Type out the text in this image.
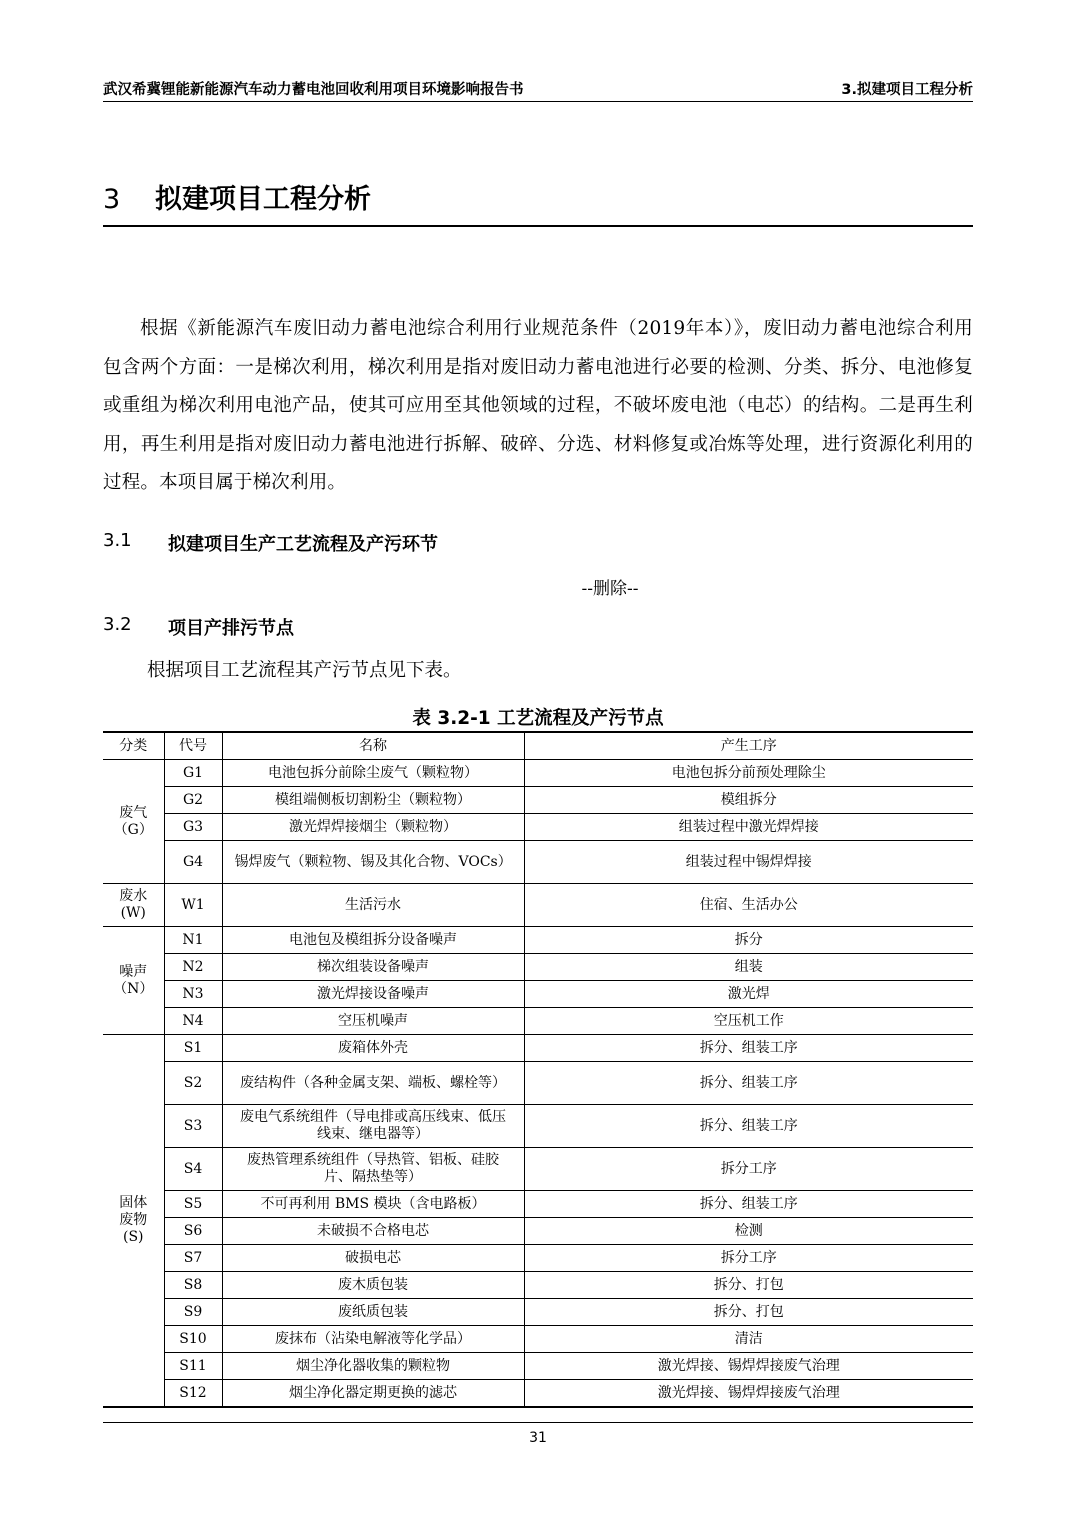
武汉希冀锂能新能源汽车动力蓄电池回收利用项目环境影响报告书	3.拟建项目工程分析
3 拟建项目工程分析
根据《新能源汽车废旧动力蓄电池综合利用行业规范条件（2019年本）》，废旧动力蓄电池综合利用包含两个方面：一是梯次利用，梯次利用是指对废旧动力蓄电池进行必要的检测、分类、拆分、电池修复或重组为梯次利用电池产品，使其可应用至其他领域的过程，不破坏废电池（电芯）的结构。二是再生利用，再生利用是指对废旧动力蓄电池进行拆解、破碎、分选、材料修复或冶炼等处理，进行资源化利用的过程。本项目属于梯次利用。
3.1	拟建项目生产工艺流程及产污环节
--删除--
3.2	项目产排污节点
根据项目工艺流程其产污节点见下表。
表 3.2-1 工艺流程及产污节点
分类	代号	名称	产生工序
废气（G）	G1	电池包拆分前除尘废气（颗粒物）	电池包拆分前预处理除尘
	G2	模组端侧板切割粉尘（颗粒物）	模组拆分
	G3	激光焊焊接烟尘（颗粒物）	组装过程中激光焊焊接
	G4	锡焊废气（颗粒物、锡及其化合物、VOCs）	组装过程中锡焊焊接
废水(W)	W1	生活污水	住宿、生活办公
噪声（N）	N1	电池包及模组拆分设备噪声	拆分
	N2	梯次组装设备噪声	组装
	N3	激光焊接设备噪声	激光焊
	N4	空压机噪声	空压机工作
固体废物(S)	S1	废箱体外壳	拆分、组装工序
	S2	废结构件（各种金属支架、端板、螺栓等）	拆分、组装工序
	S3	废电气系统组件（导电排或高压线束、低压线束、继电器等）	拆分、组装工序
	S4	废热管理系统组件（导热管、铝板、硅胶片、隔热垫等）	拆分工序
	S5	不可再利用 BMS 模块（含电路板）	拆分、组装工序
	S6	未破损不合格电芯	检测
	S7	破损电芯	拆分工序
	S8	废木质包装	拆分、打包
	S9	废纸质包装	拆分、打包
	S10	废抹布（沾染电解液等化学品）	清洁
	S11	烟尘净化器收集的颗粒物	激光焊接、锡焊焊接废气治理
	S12	烟尘净化器定期更换的滤芯	激光焊接、锡焊焊接废气治理
31
